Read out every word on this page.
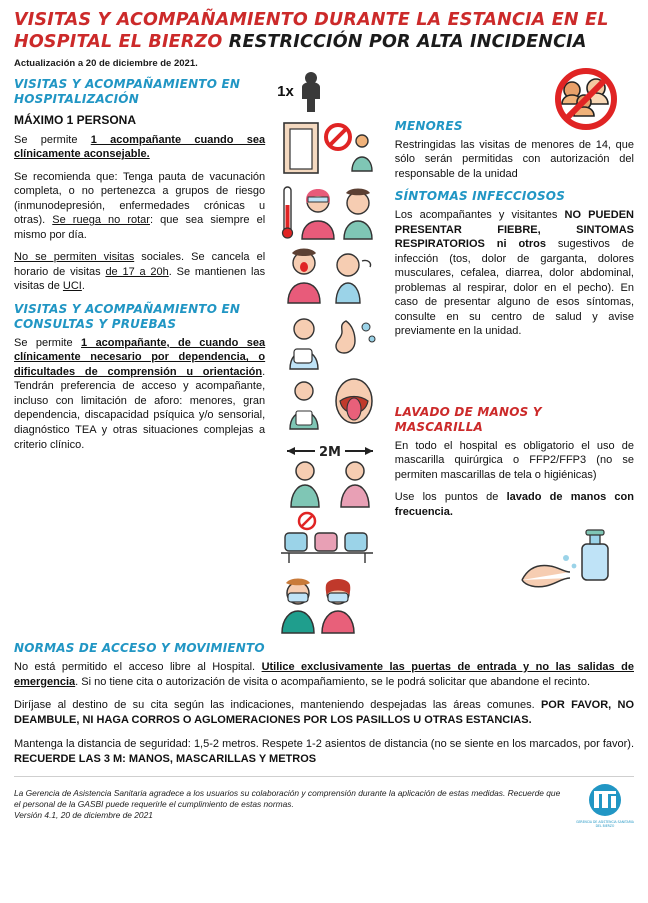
VISITAS Y ACOMPAÑAMIENTO DURANTE LA ESTANCIA EN EL
HOSPITAL EL BIERZO RESTRICCIÓN POR ALTA INCIDENCIA
Actualización a 20 de diciembre de 2021.
VISITAS Y ACOMPAÑAMIENTO EN HOSPITALIZACIÓN
MÁXIMO 1 PERSONA

Se permite 1 acompañante cuando sea clínicamente aconsejable.

Se recomienda que: Tenga pauta de vacunación completa, o no pertenezca a grupos de riesgo (inmunodepresión, enfermedades crónicas u otras). Se ruega no rotar: que sea siempre el mismo por día.

No se permiten visitas sociales. Se cancela el horario de visitas de 17 a 20h. Se mantienen las visitas de UCI.

VISITAS Y ACOMPAÑAMIENTO EN CONSULTAS Y PRUEBAS

Se permite 1 acompañante, de cuando sea clínicamente necesario por dependencia, o dificultades de comprensión u orientación. Tendrán preferencia de acceso y acompañante, incluso con limitación de aforo: menores, gran dependencia, discapacidad psíquica y/o sensorial, diagnóstico TEA y otras situaciones complejas a criterio clínico.

1x
2M
MENORES

Restringidas las visitas de menores de 14, que sólo serán permitidas con autorización del responsable de la unidad

SÍNTOMAS INFECCIOSOS

Los acompañantes y visitantes NO PUEDEN PRESENTAR FIEBRE, SINTOMAS RESPIRATORIOS ni otros sugestivos de infección (tos, dolor de garganta, dolores musculares, cefalea, diarrea, dolor abdominal, problemas al respirar, dolor en el pecho). En caso de presentar alguno de esos síntomas, consulte en su centro de salud y avise previamente en la unidad.

LAVADO DE MANOS Y MASCARILLA

En todo el hospital es obligatorio el uso de mascarilla quirúrgica o FFP2/FFP3 (no se permiten mascarillas de tela o higiénicas)

Use los puntos de lavado de manos con frecuencia.

NORMAS DE ACCESO Y MOVIMIENTO

No está permitido el acceso libre al Hospital. Utilice exclusivamente las puertas de entrada y no las salidas de emergencia. Si no tiene cita o autorización de visita o acompañamiento, se le podrá solicitar que abandone el recinto.

Diríjase al destino de su cita según las indicaciones, manteniendo despejadas las áreas comunes. POR FAVOR, NO DEAMBULE, NI HAGA CORROS O AGLOMERACIONES POR LOS PASILLOS U OTRAS ESTANCIAS.

Mantenga la distancia de seguridad: 1,5-2 metros. Respete 1-2 asientos de distancia (no se siente en los marcados, por favor). RECUERDE LAS 3 M: MANOS, MASCARILLAS Y METROS

La Gerencia de Asistencia Sanitaria agradece a los usuarios su colaboración y comprensión durante la aplicación de estas medidas. Recuerde que el personal de la GASBI puede requerirle el cumplimiento de estas normas.
Versión 4.1, 20 de diciembre de 2021
GERENCIA DE ASISTENCIA SANITARIA
DEL BIERZO
